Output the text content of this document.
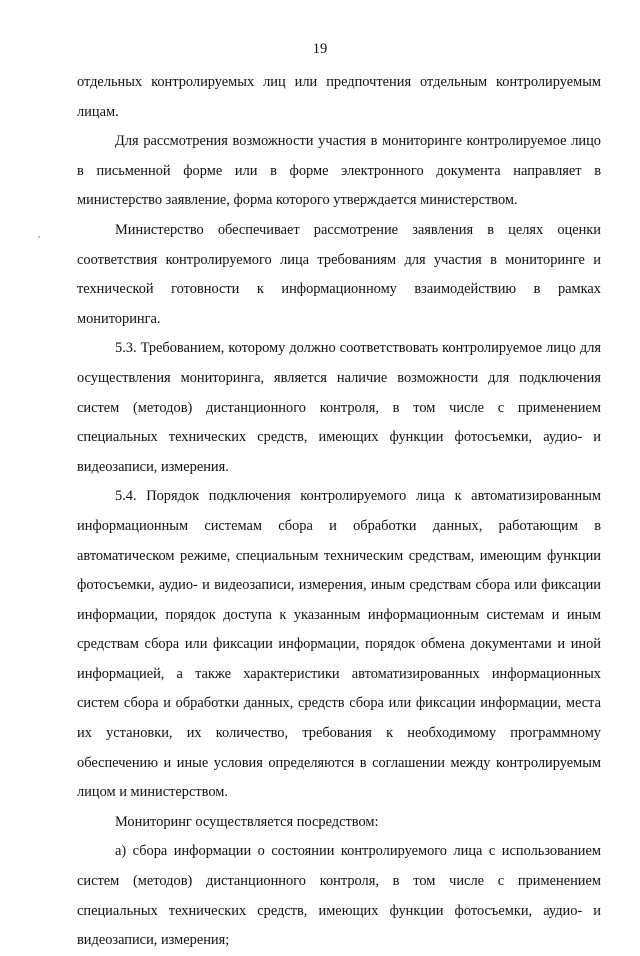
19

отдельных контролируемых лиц или предпочтения отдельным контролируемым лицам.

Для рассмотрения возможности участия в мониторинге контролируемое лицо в письменной форме или в форме электронного документа направляет в министерство заявление, форма которого утверждается министерством.

Министерство обеспечивает рассмотрение заявления в целях оценки соответствия контролируемого лица требованиям для участия в мониторинге и технической готовности к информационному взаимодействию в рамках мониторинга.

5.3. Требованием, которому должно соответствовать контролируемое лицо для осуществления мониторинга, является наличие возможности для подключения систем (методов) дистанционного контроля, в том числе с применением специальных технических средств, имеющих функции фотосъемки, аудио- и видеозаписи, измерения.

5.4. Порядок подключения контролируемого лица к автоматизированным информационным системам сбора и обработки данных, работающим в автоматическом режиме, специальным техническим средствам, имеющим функции фотосъемки, аудио- и видеозаписи, измерения, иным средствам сбора или фиксации информации, порядок доступа к указанным информационным системам и иным средствам сбора или фиксации информации, порядок обмена документами и иной информацией, а также характеристики автоматизированных информационных систем сбора и обработки данных, средств сбора или фиксации информации, места их установки, их количество, требования к необходимому программному обеспечению и иные условия определяются в соглашении между контролируемым лицом и министерством.

Мониторинг осуществляется посредством:

а) сбора информации о состоянии контролируемого лица с использованием систем (методов) дистанционного контроля, в том числе с применением специальных технических средств, имеющих функции фотосъемки, аудио- и видеозаписи, измерения;
